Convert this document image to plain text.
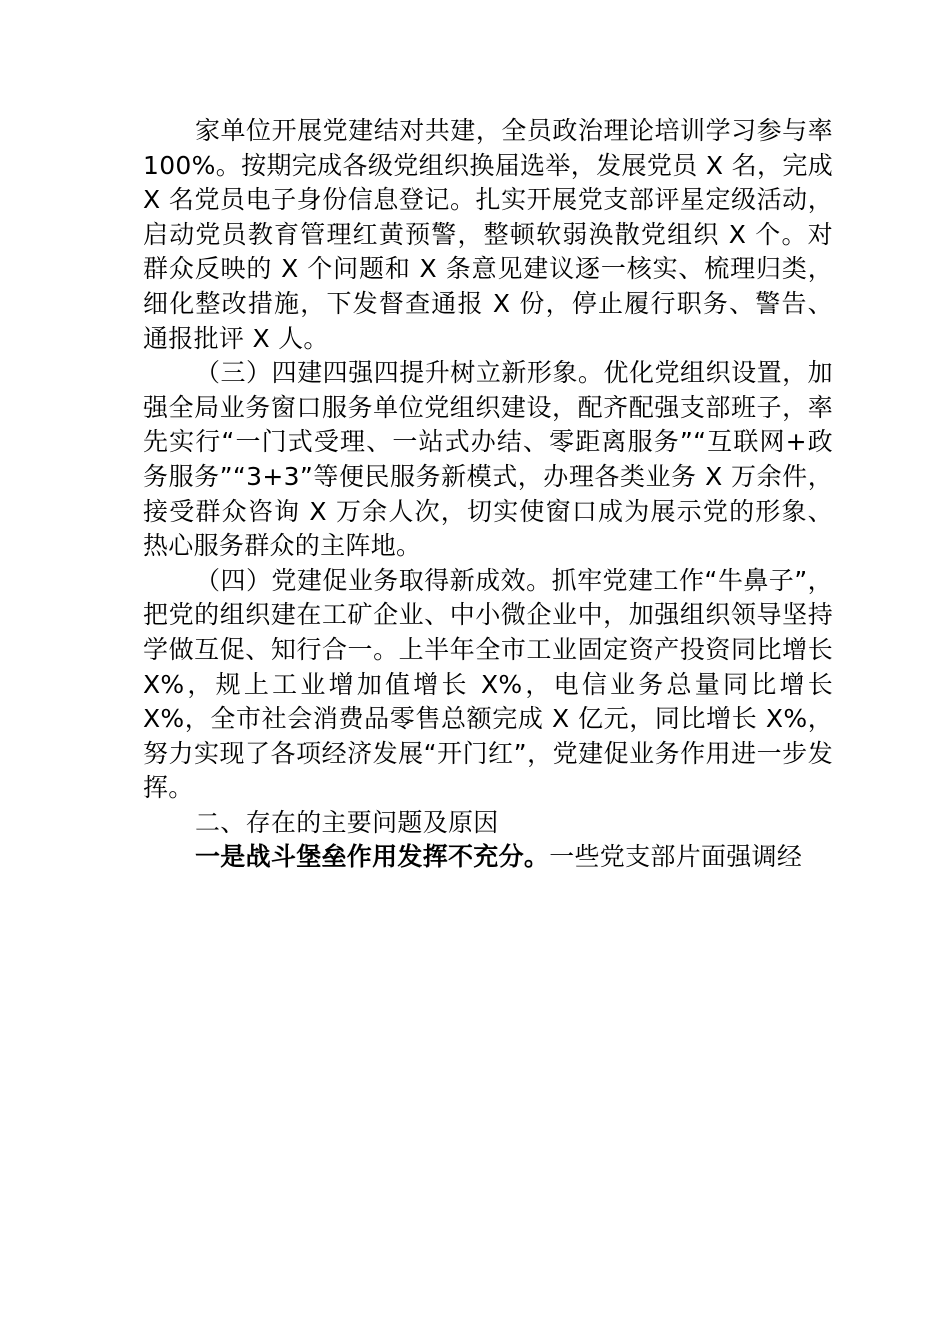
家单位开展党建结对共建，全员政治理论培训学习参与率 100%。按期完成各级党组织换届选举，发展党员 X 名，完成 X 名党员电子身份信息登记。扎实开展党支部评星定级活动，启动党员教育管理红黄预警，整顿软弱涣散党组织 X 个。对群众反映的 X 个问题和 X 条意见建议逐一核实、梳理归类，细化整改措施，下发督查通报 X 份，停止履行职务、警告、通报批评 X 人。

（三）四建四强四提升树立新形象。优化党组织设置，加强全局业务窗口服务单位党组织建设，配齐配强支部班子，率先实行“一门式受理、一站式办结、零距离服务”“互联网+政务服务”“3+3”等便民服务新模式，办理各类业务 X 万余件，接受群众咨询 X 万余人次，切实使窗口成为展示党的形象、热心服务群众的主阵地。

（四）党建促业务取得新成效。抓牢党建工作“牛鼻子”，把党的组织建在工矿企业、中小微企业中，加强组织领导坚持学做互促、知行合一。上半年全市工业固定资产投资同比增长 X%，规上工业增加值增长 X%，电信业务总量同比增长 X%，全市社会消费品零售总额完成 X 亿元，同比增长 X%，努力实现了各项经济发展“开门红”，党建促业务作用进一步发挥。

二、存在的主要问题及原因

一是战斗堡垒作用发挥不充分。一些党支部片面强调经
